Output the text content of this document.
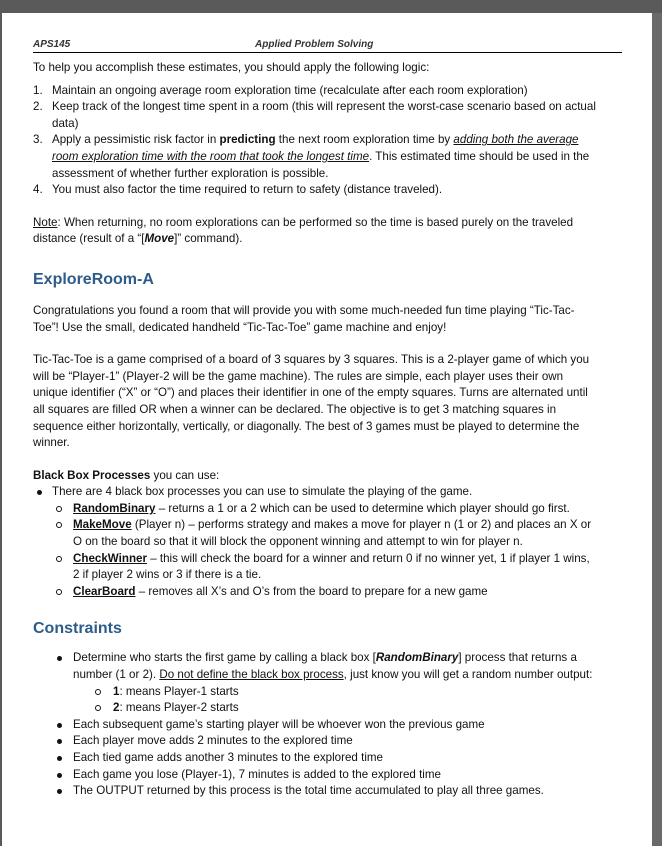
APS145	Applied Problem Solving

To help you accomplish these estimates, you should apply the following logic:

1. Maintain an ongoing average room exploration time (recalculate after each room exploration)
2. Keep track of the longest time spent in a room (this will represent the worst-case scenario based on actual data)
3. Apply a pessimistic risk factor in predicting the next room exploration time by adding both the average room exploration time with the room that took the longest time. This estimated time should be used in the assessment of whether further exploration is possible.
4. You must also factor the time required to return to safety (distance traveled).

Note: When returning, no room explorations can be performed so the time is based purely on the traveled distance (result of a “[Move]” command).

ExploreRoom-A

Congratulations you found a room that will provide you with some much-needed fun time playing “Tic-Tac-Toe”! Use the small, dedicated handheld “Tic-Tac-Toe” game machine and enjoy!

Tic-Tac-Toe is a game comprised of a board of 3 squares by 3 squares. This is a 2-player game of which you will be “Player-1” (Player-2 will be the game machine). The rules are simple, each player uses their own unique identifier (“X” or “O”) and places their identifier in one of the empty squares. Turns are alternated until all squares are filled OR when a winner can be declared. The objective is to get 3 matching squares in sequence either horizontally, vertically, or diagonally. The best of 3 games must be played to determine the winner.

Black Box Processes you can use:

There are 4 black box processes you can use to simulate the playing of the game.
RandomBinary – returns a 1 or a 2 which can be used to determine which player should go first.
MakeMove (Player n) – performs strategy and makes a move for player n (1 or 2) and places an X or O on the board so that it will block the opponent winning and attempt to win for player n.
CheckWinner – this will check the board for a winner and return 0 if no winner yet, 1 if player 1 wins, 2 if player 2 wins or 3 if there is a tie.
ClearBoard – removes all X’s and O’s from the board to prepare for a new game
Constraints
Determine who starts the first game by calling a black box [RandomBinary] process that returns a number (1 or 2). Do not define the black box process, just know you will get a random number output:
1: means Player-1 starts
2: means Player-2 starts
Each subsequent game’s starting player will be whoever won the previous game
Each player move adds 2 minutes to the explored time
Each tied game adds another 3 minutes to the explored time
Each game you lose (Player-1), 7 minutes is added to the explored time
The OUTPUT returned by this process is the total time accumulated to play all three games.
